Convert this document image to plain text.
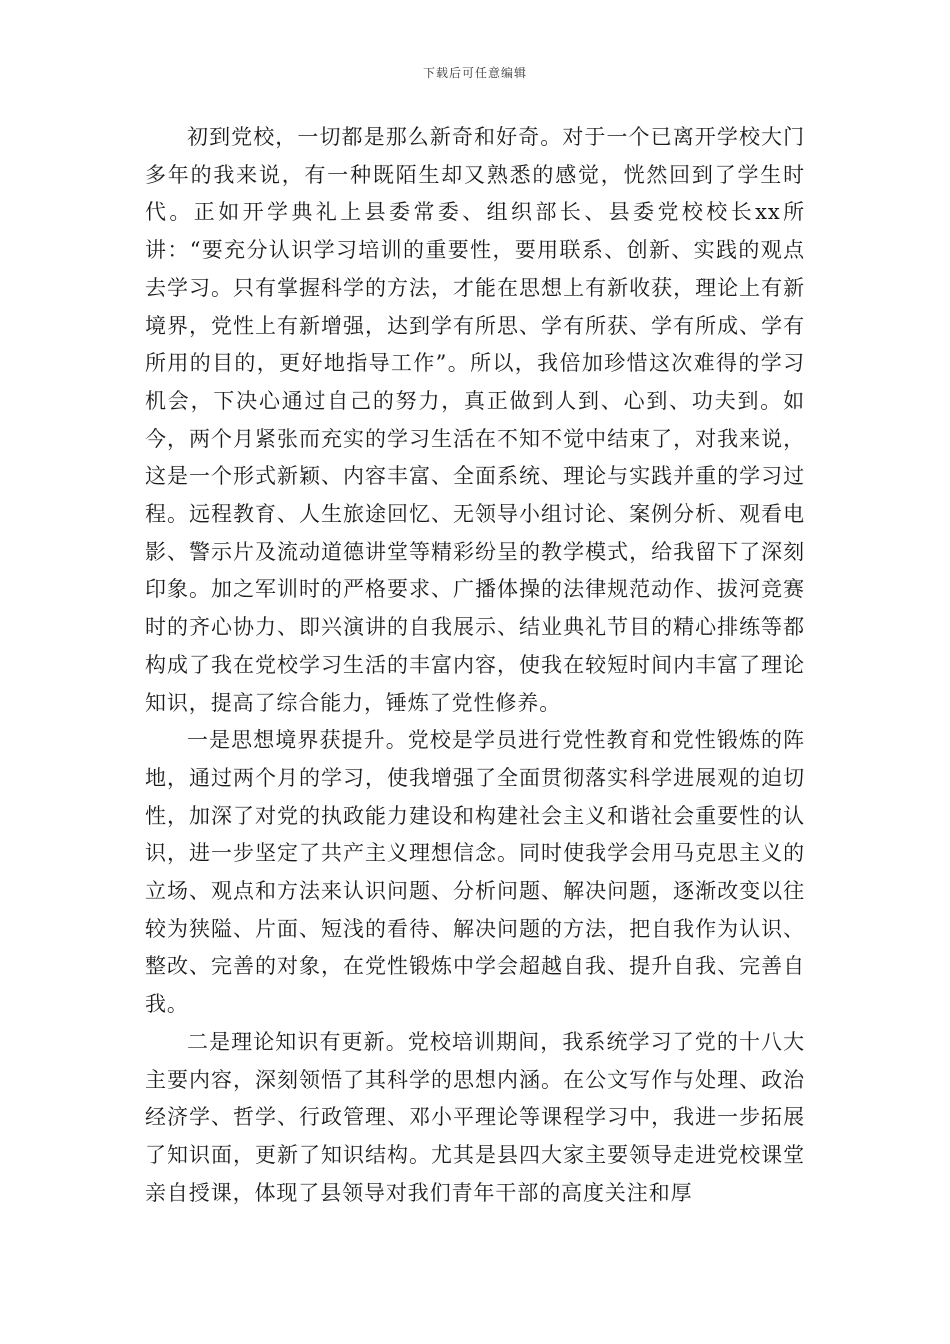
下载后可任意编辑

初到党校，一切都是那么新奇和好奇。对于一个已离开学校大门多年的我来说，有一种既陌生却又熟悉的感觉，恍然回到了学生时代。正如开学典礼上县委常委、组织部长、县委党校校长xx所讲：“要充分认识学习培训的重要性，要用联系、创新、实践的观点去学习。只有掌握科学的方法，才能在思想上有新收获，理论上有新境界，党性上有新增强，达到学有所思、学有所获、学有所成、学有所用的目的，更好地指导工作”。所以，我倍加珍惜这次难得的学习机会，下决心通过自己的努力，真正做到人到、心到、功夫到。如今，两个月紧张而充实的学习生活在不知不觉中结束了，对我来说，这是一个形式新颖、内容丰富、全面系统、理论与实践并重的学习过程。远程教育、人生旅途回忆、无领导小组讨论、案例分析、观看电影、警示片及流动道德讲堂等精彩纷呈的教学模式，给我留下了深刻印象。加之军训时的严格要求、广播体操的法律规范动作、拔河竞赛时的齐心协力、即兴演讲的自我展示、结业典礼节目的精心排练等都构成了我在党校学习生活的丰富内容，使我在较短时间内丰富了理论知识，提高了综合能力，锤炼了党性修养。

一是思想境界获提升。党校是学员进行党性教育和党性锻炼的阵地，通过两个月的学习，使我增强了全面贯彻落实科学进展观的迫切性，加深了对党的执政能力建设和构建社会主义和谐社会重要性的认识，进一步坚定了共产主义理想信念。同时使我学会用马克思主义的立场、观点和方法来认识问题、分析问题、解决问题，逐渐改变以往较为狭隘、片面、短浅的看待、解决问题的方法，把自我作为认识、整改、完善的对象，在党性锻炼中学会超越自我、提升自我、完善自我。

二是理论知识有更新。党校培训期间，我系统学习了党的十八大主要内容，深刻领悟了其科学的思想内涵。在公文写作与处理、政治经济学、哲学、行政管理、邓小平理论等课程学习中，我进一步拓展了知识面，更新了知识结构。尤其是县四大家主要领导走进党校课堂亲自授课，体现了县领导对我们青年干部的高度关注和厚
